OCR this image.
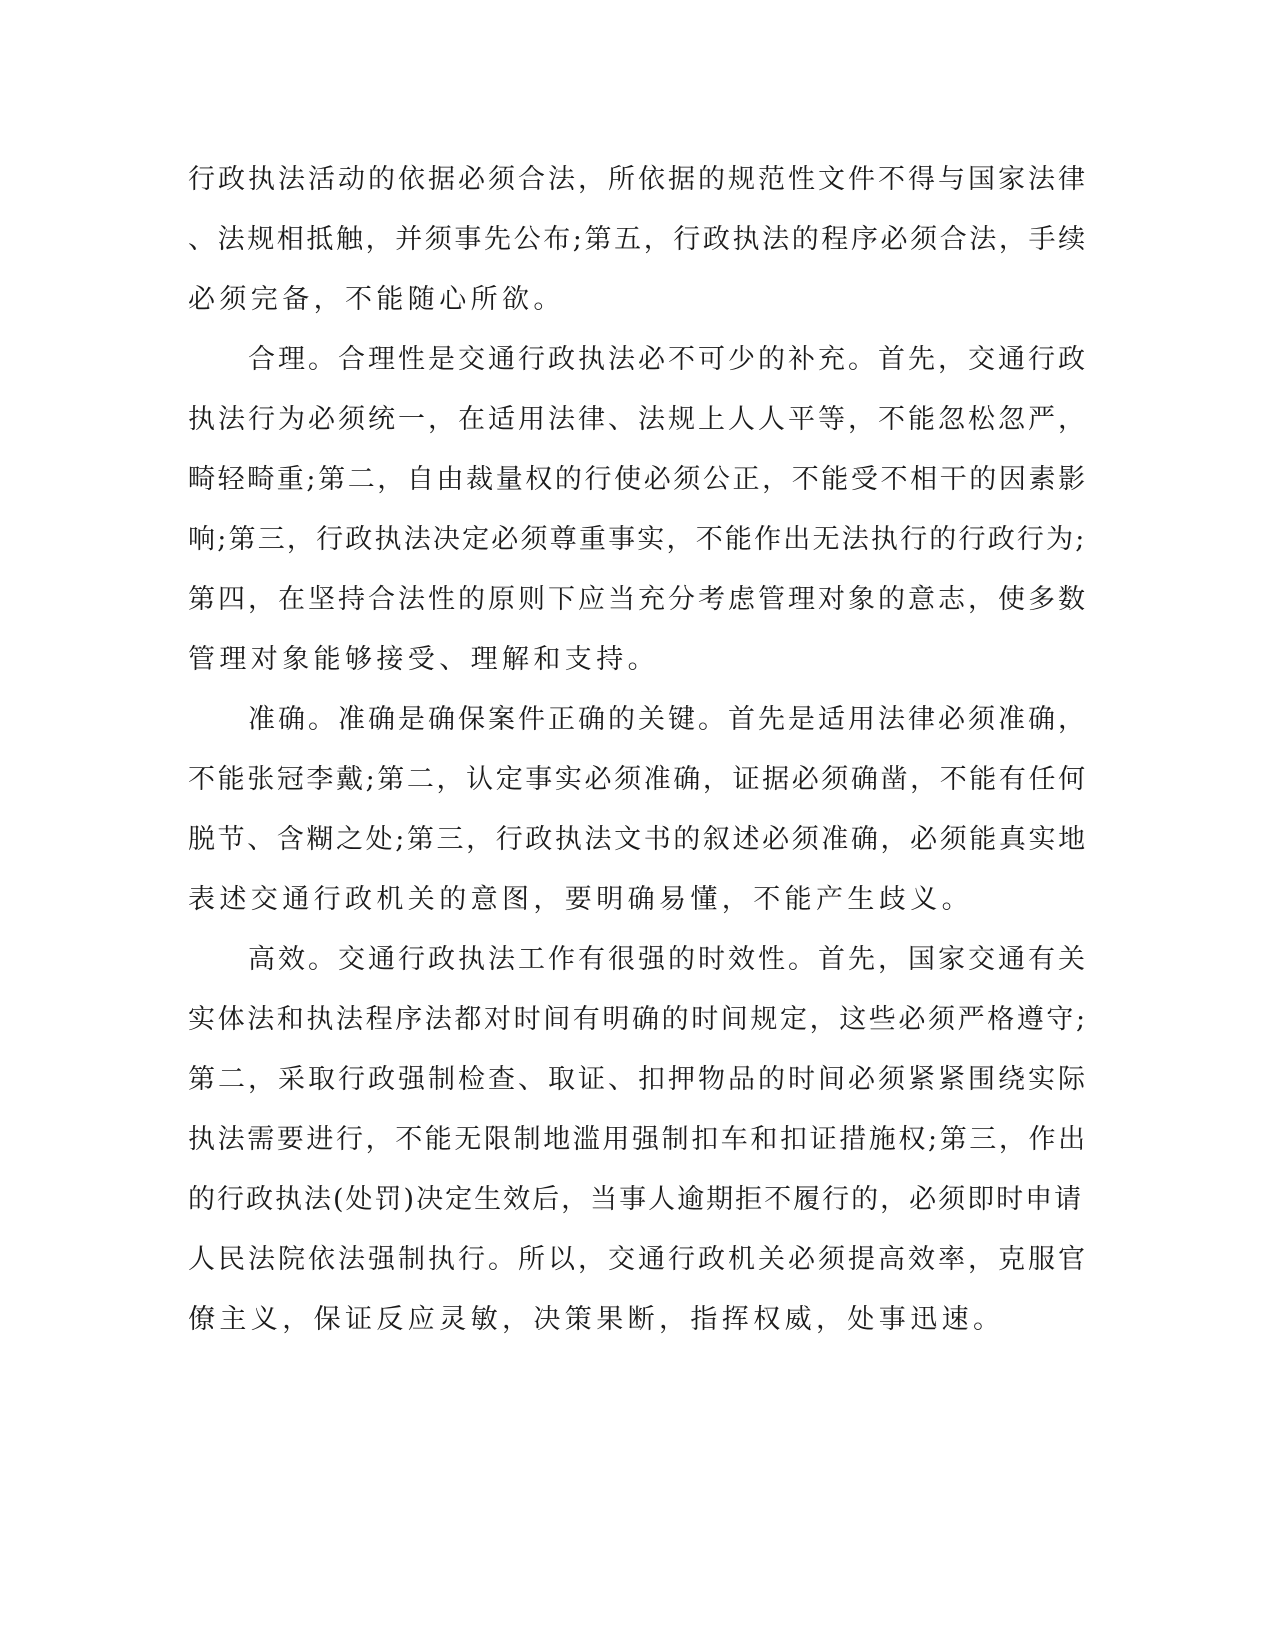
行政执法活动的依据必须合法，所依据的规范性文件不得与国家法律
、法规相抵触，并须事先公布;第五，行政执法的程序必须合法，手续
必须完备，不能随心所欲。
　　合理。合理性是交通行政执法必不可少的补充。首先，交通行政
执法行为必须统一，在适用法律、法规上人人平等，不能忽松忽严，
畸轻畸重;第二，自由裁量权的行使必须公正，不能受不相干的因素影
响;第三，行政执法决定必须尊重事实，不能作出无法执行的行政行为;
第四，在坚持合法性的原则下应当充分考虑管理对象的意志，使多数
管理对象能够接受、理解和支持。
　　准确。准确是确保案件正确的关键。首先是适用法律必须准确，
不能张冠李戴;第二，认定事实必须准确，证据必须确凿，不能有任何
脱节、含糊之处;第三，行政执法文书的叙述必须准确，必须能真实地
表述交通行政机关的意图，要明确易懂，不能产生歧义。
　　高效。交通行政执法工作有很强的时效性。首先，国家交通有关
实体法和执法程序法都对时间有明确的时间规定，这些必须严格遵守;
第二，采取行政强制检查、取证、扣押物品的时间必须紧紧围绕实际
执法需要进行，不能无限制地滥用强制扣车和扣证措施权;第三，作出
的行政执法(处罚)决定生效后，当事人逾期拒不履行的，必须即时申请
人民法院依法强制执行。所以，交通行政机关必须提高效率，克服官
僚主义，保证反应灵敏，决策果断，指挥权威，处事迅速。
